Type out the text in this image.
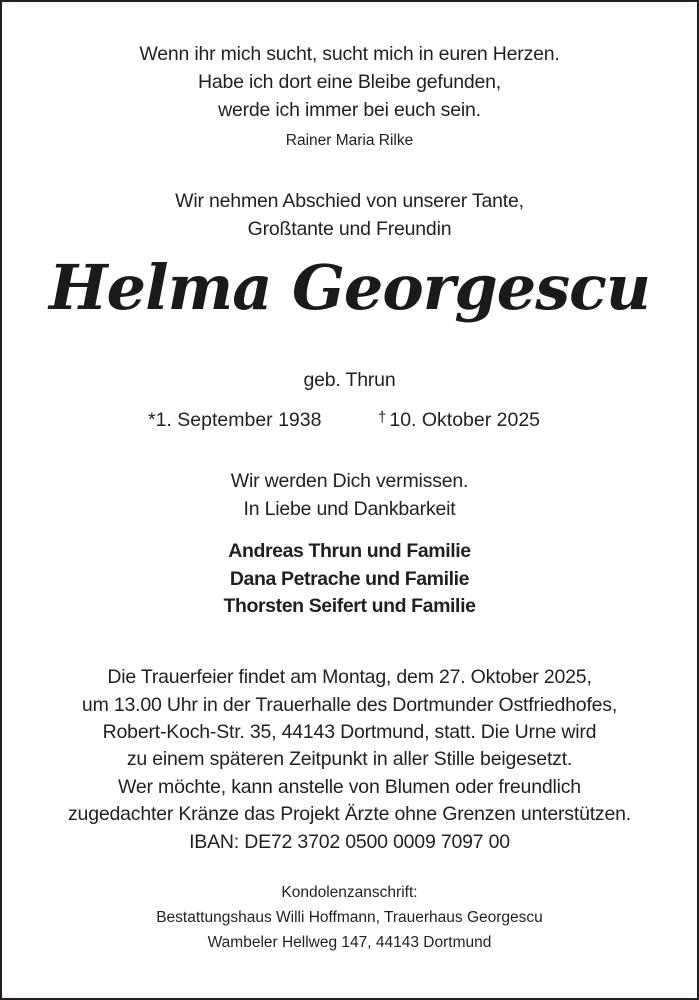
Wenn ihr mich sucht, sucht mich in euren Herzen.
Habe ich dort eine Bleibe gefunden,
werde ich immer bei euch sein.
Rainer Maria Rilke
Wir nehmen Abschied von unserer Tante,
Großtante und Freundin
Helma Georgescu
geb. Thrun
*1. September 1938	† 10. Oktober 2025
Wir werden Dich vermissen.
In Liebe und Dankbarkeit
Andreas Thrun und Familie
Dana Petrache und Familie
Thorsten Seifert und Familie
Die Trauerfeier findet am Montag, dem 27. Oktober 2025,
um 13.00 Uhr in der Trauerhalle des Dortmunder Ostfriedhofes,
Robert-Koch-Str. 35, 44143 Dortmund, statt. Die Urne wird
zu einem späteren Zeitpunkt in aller Stille beigesetzt.
Wer möchte, kann anstelle von Blumen oder freundlich
zugedachter Kränze das Projekt Ärzte ohne Grenzen unterstützen.
IBAN: DE72 3702 0500 0009 7097 00
Kondolenzanschrift:
Bestattungshaus Willi Hoffmann, Trauerhaus Georgescu
Wambeler Hellweg 147, 44143 Dortmund
